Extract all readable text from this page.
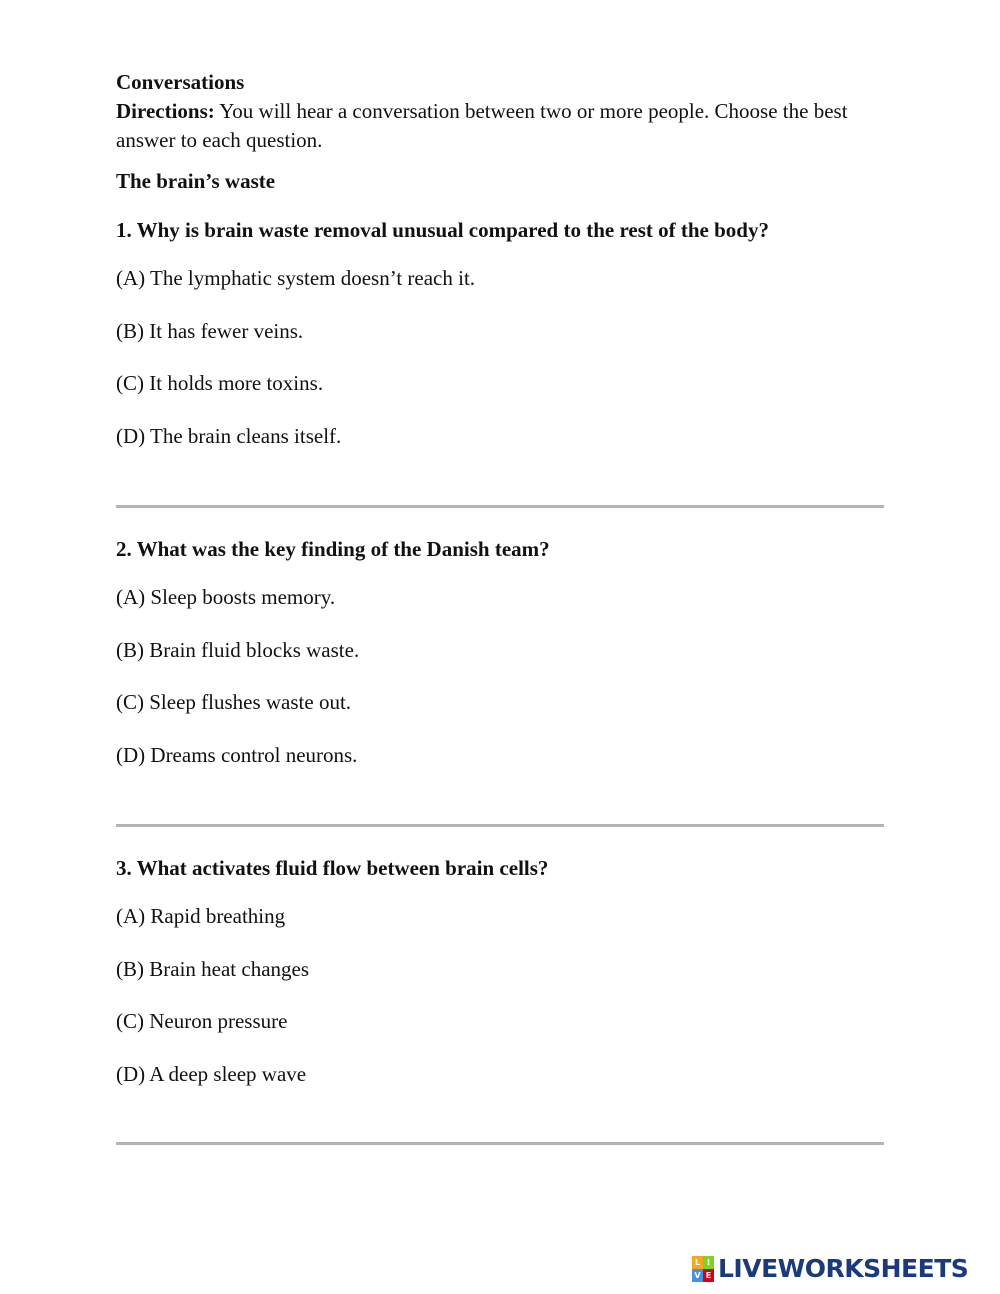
Conversations

Directions: You will hear a conversation between two or more people. Choose the best answer to each question.

The brain’s waste

1. Why is brain waste removal unusual compared to the rest of the body?

(A) The lymphatic system doesn’t reach it.

(B) It has fewer veins.

(C) It holds more toxins.

(D) The brain cleans itself.

2. What was the key finding of the Danish team?

(A) Sleep boosts memory.

(B) Brain fluid blocks waste.

(C) Sleep flushes waste out.

(D) Dreams control neurons.

3. What activates fluid flow between brain cells?

(A) Rapid breathing

(B) Brain heat changes

(C) Neuron pressure

(D) A deep sleep wave

L I
V E LIVEWORKSHEETS
